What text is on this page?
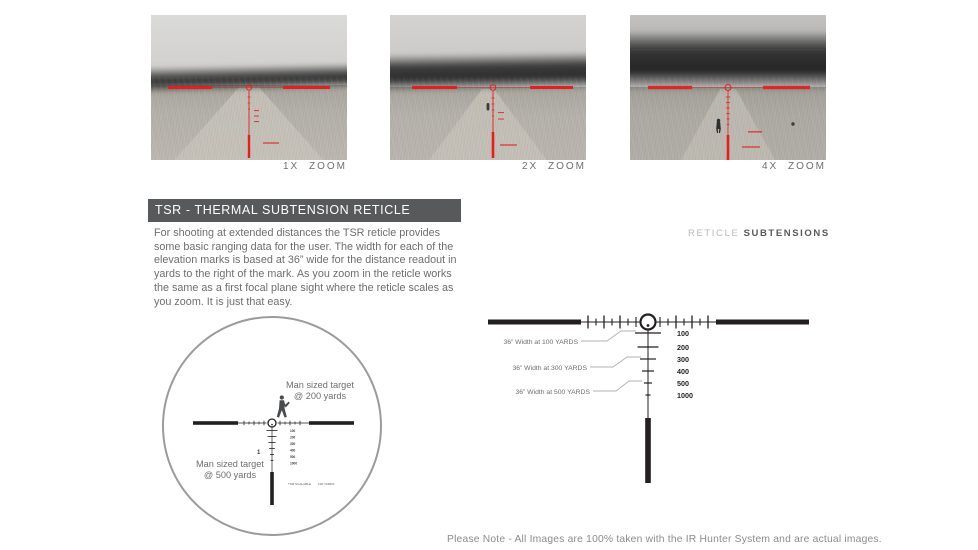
1X ZOOM	2X ZOOM	4X ZOOM
TSR - THERMAL SUBTENSION RETICLE
For shooting at extended distances the TSR reticle provides some basic ranging data for the user. The width for each of the elevation marks is based at 36” wide for the distance readout in yards to the right of the mark. As you zoom in the reticle works the same as a first focal plane sight where the reticle scales as you zoom. It is just that easy.
RETICLE SUBTENSIONS
36” Width at 100 YARDS
36” Width at 300 YARDS
36” Width at 500 YARDS
100
200
300
400
500
1000
100
200
300
400
500
1000
1
Man sized target
@ 200 yards
Man sized target
@ 500 yards
TSR SCALABLE 100 YARDS
Please Note - All Images are 100% taken with the IR Hunter System and are actual images.
